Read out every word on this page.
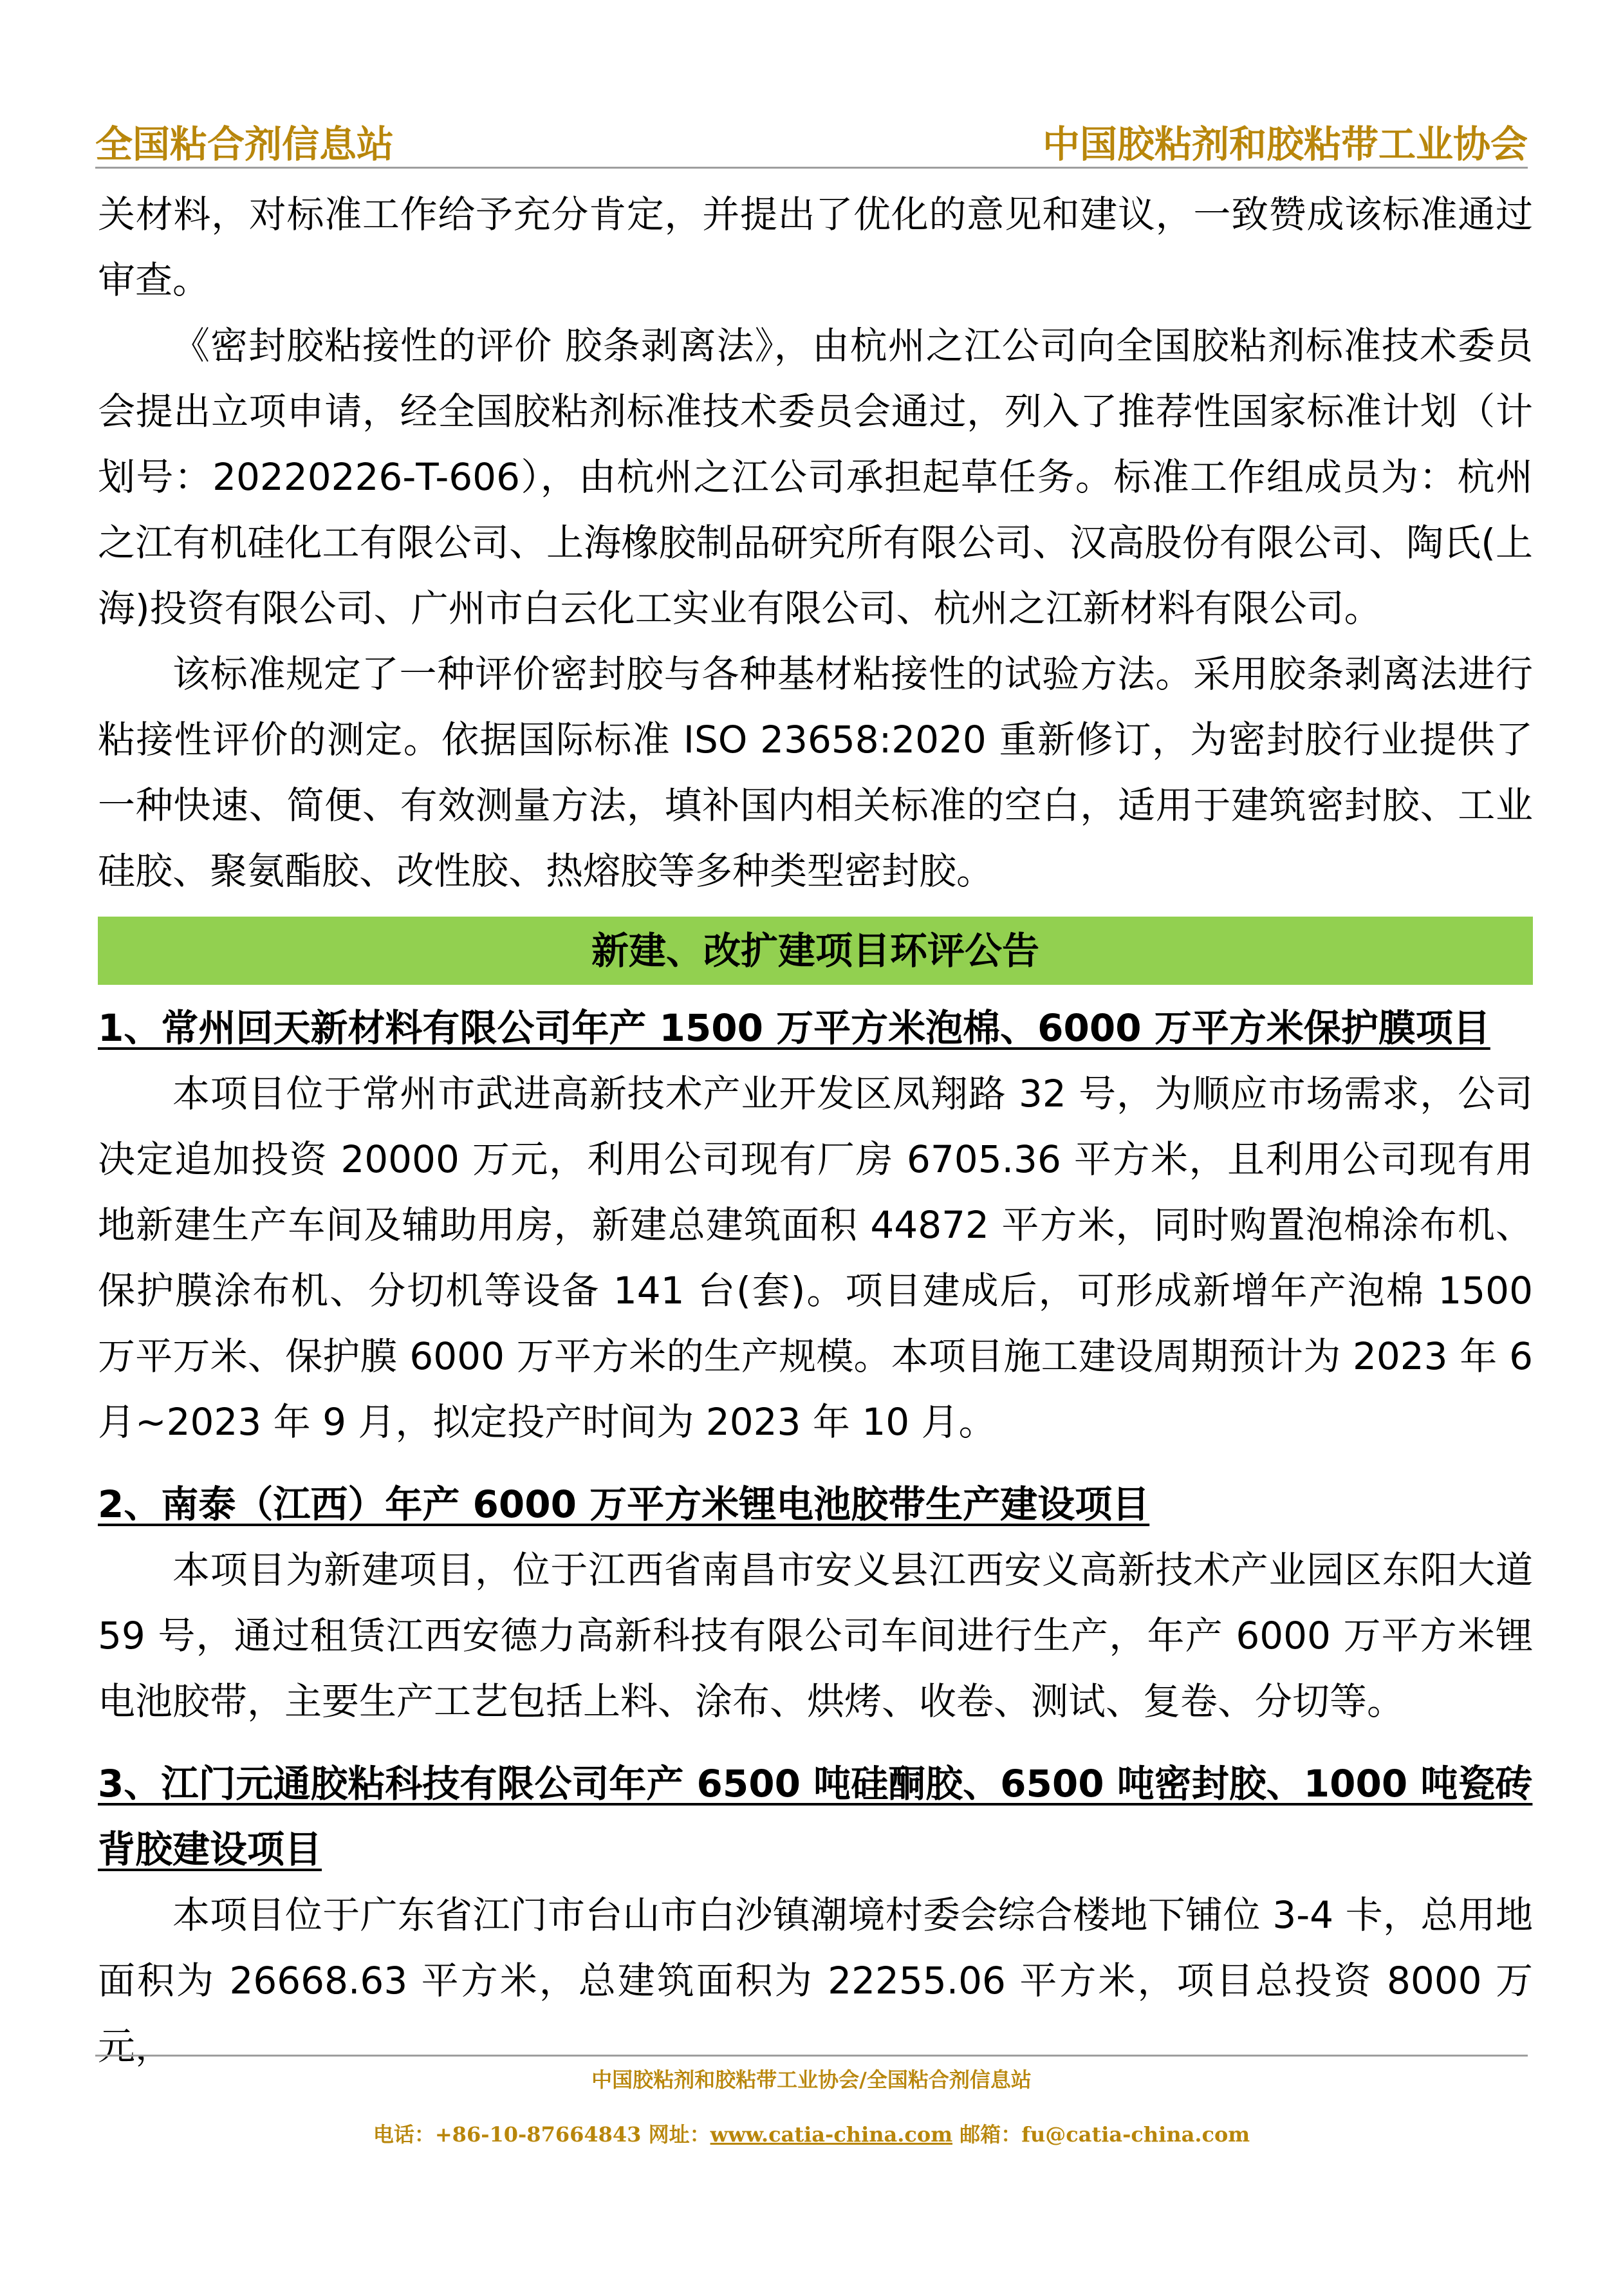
全国粘合剂信息站	中国胶粘剂和胶粘带工业协会

关材料，对标准工作给予充分肯定，并提出了优化的意见和建议，一致赞成该标准通过审查。

《密封胶粘接性的评价 胶条剥离法》，由杭州之江公司向全国胶粘剂标准技术委员会提出立项申请，经全国胶粘剂标准技术委员会通过，列入了推荐性国家标准计划（计划号：20220226-T-606），由杭州之江公司承担起草任务。标准工作组成员为：杭州之江有机硅化工有限公司、上海橡胶制品研究所有限公司、汉高股份有限公司、陶氏(上海)投资有限公司、广州市白云化工实业有限公司、杭州之江新材料有限公司。

该标准规定了一种评价密封胶与各种基材粘接性的试验方法。采用胶条剥离法进行粘接性评价的测定。依据国际标准 ISO 23658:2020 重新修订，为密封胶行业提供了一种快速、简便、有效测量方法，填补国内相关标准的空白，适用于建筑密封胶、工业硅胶、聚氨酯胶、改性胶、热熔胶等多种类型密封胶。

新建、改扩建项目环评公告

1、常州回天新材料有限公司年产 1500 万平方米泡棉、6000 万平方米保护膜项目

本项目位于常州市武进高新技术产业开发区凤翔路 32 号，为顺应市场需求，公司决定追加投资 20000 万元，利用公司现有厂房 6705.36 平方米，且利用公司现有用地新建生产车间及辅助用房，新建总建筑面积 44872 平方米，同时购置泡棉涂布机、保护膜涂布机、分切机等设备 141 台(套)。项目建成后，可形成新增年产泡棉 1500 万平万米、保护膜 6000 万平方米的生产规模。本项目施工建设周期预计为 2023 年 6 月~2023 年 9 月，拟定投产时间为 2023 年 10 月。

2、南泰（江西）年产 6000 万平方米锂电池胶带生产建设项目

本项目为新建项目，位于江西省南昌市安义县江西安义高新技术产业园区东阳大道 59 号，通过租赁江西安德力高新科技有限公司车间进行生产，年产 6000 万平方米锂电池胶带，主要生产工艺包括上料、涂布、烘烤、收卷、测试、复卷、分切等。

3、江门元通胶粘科技有限公司年产 6500 吨硅酮胶、6500 吨密封胶、1000 吨瓷砖背胶建设项目

本项目位于广东省江门市台山市白沙镇潮境村委会综合楼地下铺位 3-4 卡，总用地面积为 26668.63 平方米，总建筑面积为 22255.06 平方米，项目总投资 8000 万元，

中国胶粘剂和胶粘带工业协会/全国粘合剂信息站
电话：+86-10-87664843 网址：www.catia-china.com 邮箱：fu@catia-china.com
